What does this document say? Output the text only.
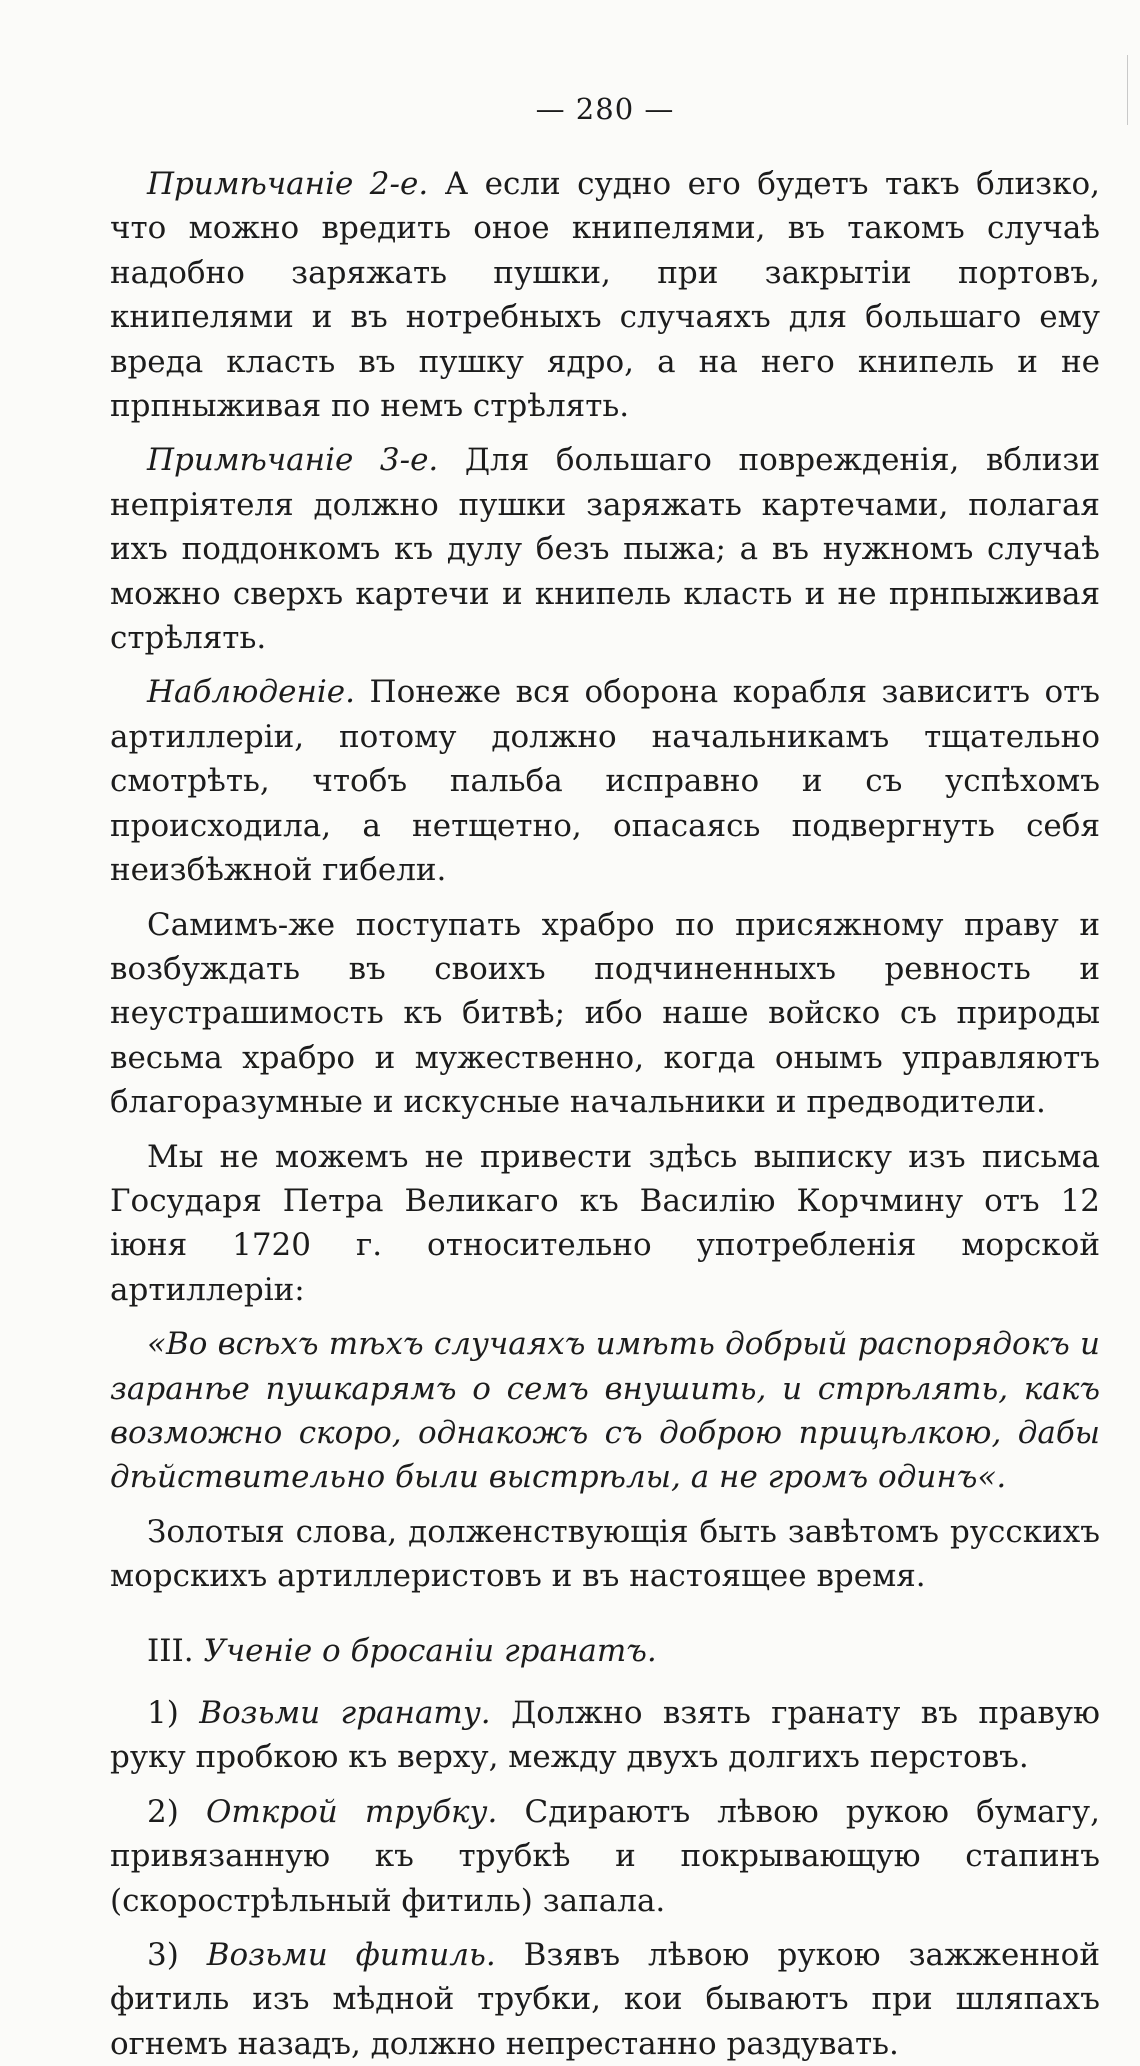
— 280 —

Примѣчаніе 2-е. А если судно его будетъ такъ близко, что можно вредить оное книпелями, въ такомъ случаѣ надобно заряжать пушки, при закрытіи портовъ, книпелями и въ нотребныхъ случаяхъ для большаго ему вреда класть въ пушку ядро, а на него книпель и не прпныживая по немъ стрѣлять.

Примѣчаніе 3-е. Для большаго поврежденія, вблизи непріятеля должно пушки заряжать картечами, полагая ихъ поддонкомъ къ дулу безъ пыжа; а въ нужномъ случаѣ можно сверхъ картечи и книпель класть и не прнпыживая стрѣлять.

Наблюденіе. Понеже вся оборона корабля зависитъ отъ артиллеріи, потому должно начальникамъ тщательно смотрѣть, чтобъ пальба исправно и съ успѣхомъ происходила, а нетщетно, опасаясь подвергнуть себя неизбѣжной гибели.

Самимъ-же поступать храбро по присяжному праву и возбуждать въ своихъ подчиненныхъ ревность и неустрашимость къ битвѣ; ибо наше войско съ природы весьма храбро и мужественно, когда онымъ управляютъ благоразумные и искусные начальники и предводители.

Мы не можемъ не привести здѣсь выписку изъ письма Государя Петра Великаго къ Василію Корчмину отъ 12 іюня 1720 г. относительно употребленія морской артиллеріи:

«Во всѣхъ тѣхъ случаяхъ имѣть добрый распорядокъ и заранѣе пушкарямъ о семъ внушить, и стрѣлять, какъ возможно скоро, однакожъ съ доброю прицѣлкою, дабы дѣйствительно были выстрѣлы, а не громъ одинъ«.

Золотыя слова, долженствующія быть завѣтомъ русскихъ морскихъ артиллеристовъ и въ настоящее время.

III. Ученіе о бросаніи гранатъ.

1) Возьми гранату. Должно взять гранату въ правую руку пробкою къ верху, между двухъ долгихъ перстовъ.

2) Открой трубку. Сдираютъ лѣвою рукою бумагу, привязанную къ трубкѣ и покрывающую стапинъ (скорострѣльный фитиль) запала.

3) Возьми фитиль. Взявъ лѣвою рукою зажженной фитиль изъ мѣдной трубки, кои бываютъ при шляпахъ огнемъ назадъ, должно непрестанно раздувать.
